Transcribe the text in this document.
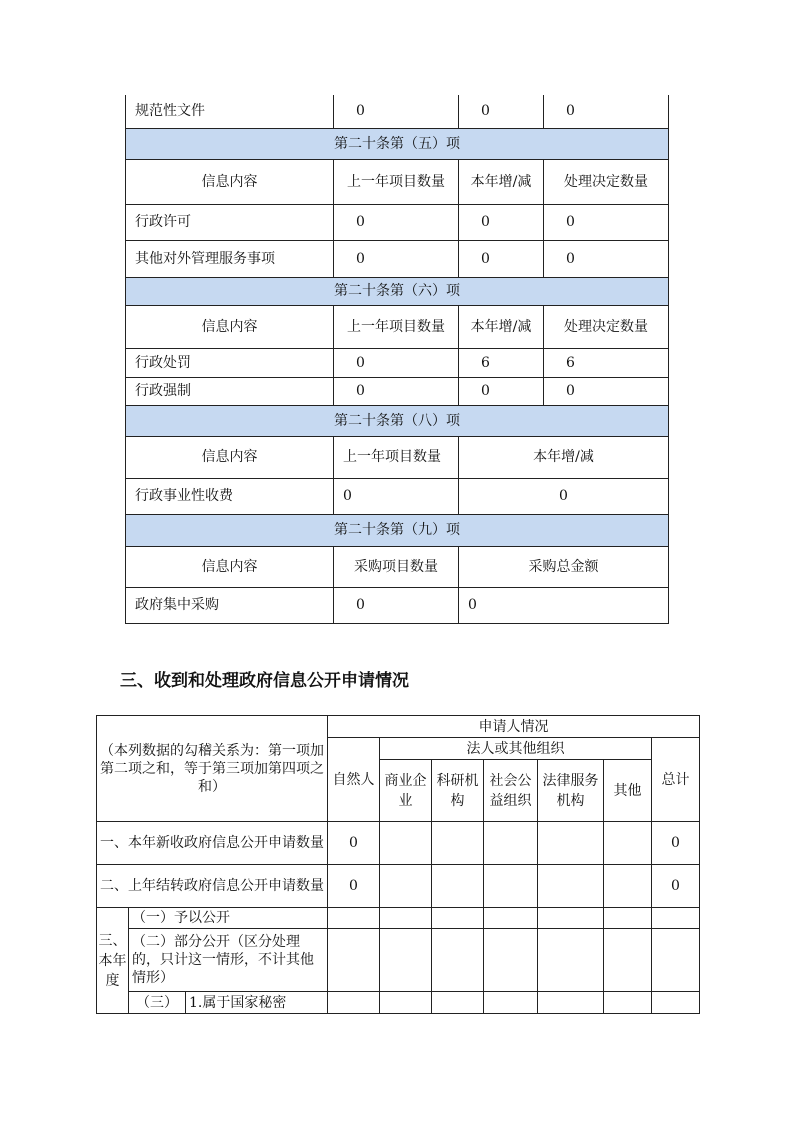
规范性文件	0	0	0
第二十条第（五）项			
信息内容	上一年项目数量	本年增/减	处理决定数量
行政许可	0	0	0
其他对外管理服务事项	0	0	0
第二十条第（六）项			
信息内容	上一年项目数量	本年增/减	处理决定数量
行政处罚	0	6	6
行政强制	0	0	0
第二十条第（八）项			
信息内容	上一年项目数量	本年增/减	
行政事业性收费	0	0	
第二十条第（九）项			
信息内容	采购项目数量	采购总金额	
政府集中采购	0	0	
三、收到和处理政府信息公开申请情况
（本列数据的勾稽关系为：第一项加第二项之和，等于第三项加第四项之和）			申请人情况						
			自然人	法人或其他组织					总计
				商业企业	科研机构	社会公益组织	法律服务机构	其他	
一、本年新收政府信息公开申请数量			0						0
二、上年结转政府信息公开申请数量			0						0
三、本年度	（一）予以公开								
	（二）部分公开（区分处理的，只计这一情形，不计其他情形）								
	（三）	1.属于国家秘密							
